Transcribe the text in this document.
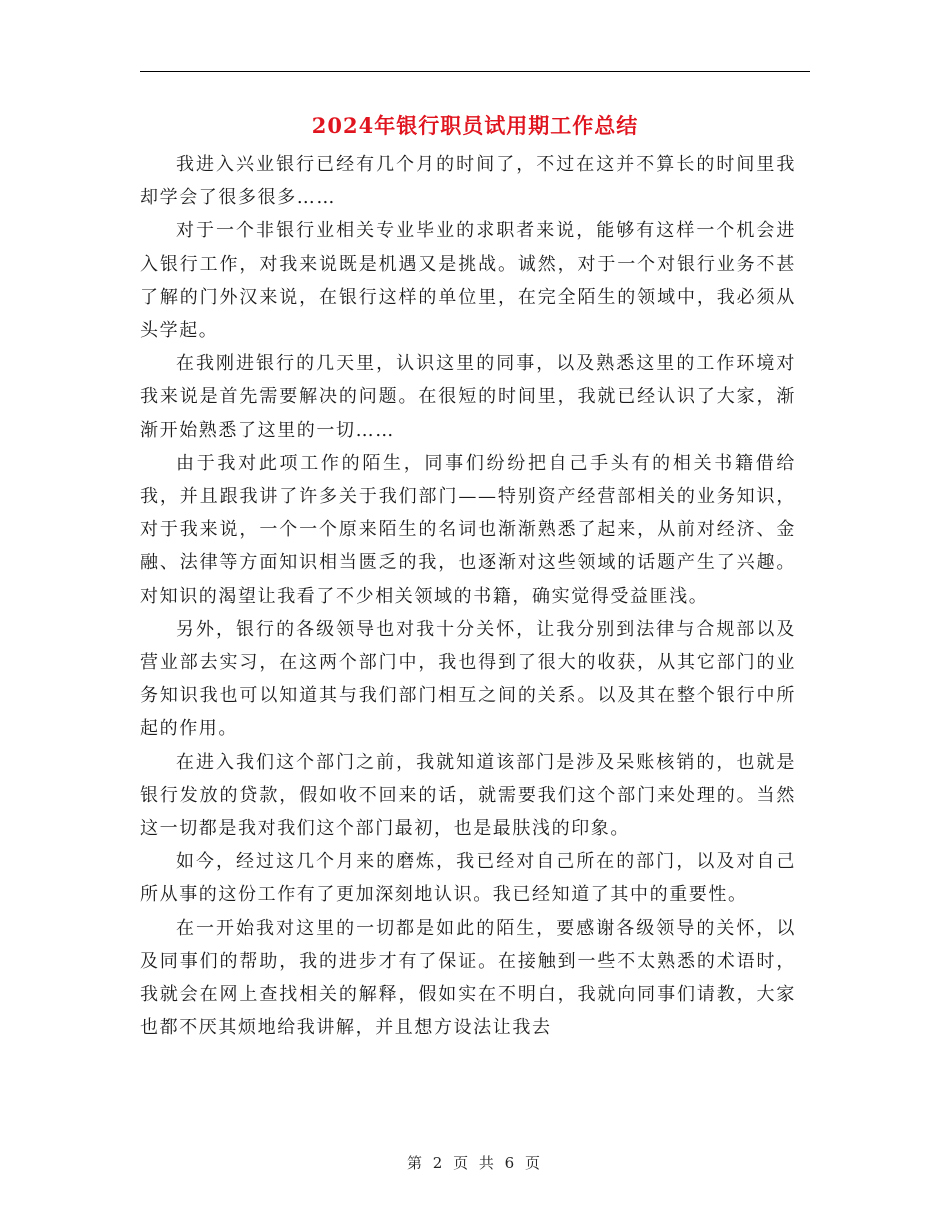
2024年银行职员试用期工作总结

我进入兴业银行已经有几个月的时间了，不过在这并不算长的时间里我却学会了很多很多……

对于一个非银行业相关专业毕业的求职者来说，能够有这样一个机会进入银行工作，对我来说既是机遇又是挑战。诚然，对于一个对银行业务不甚了解的门外汉来说，在银行这样的单位里，在完全陌生的领域中，我必须从头学起。

在我刚进银行的几天里，认识这里的同事，以及熟悉这里的工作环境对我来说是首先需要解决的问题。在很短的时间里，我就已经认识了大家，渐渐开始熟悉了这里的一切……

由于我对此项工作的陌生，同事们纷纷把自己手头有的相关书籍借给我，并且跟我讲了许多关于我们部门——特别资产经营部相关的业务知识，对于我来说，一个一个原来陌生的名词也渐渐熟悉了起来，从前对经济、金融、法律等方面知识相当匮乏的我，也逐渐对这些领域的话题产生了兴趣。对知识的渴望让我看了不少相关领域的书籍，确实觉得受益匪浅。

另外，银行的各级领导也对我十分关怀，让我分别到法律与合规部以及营业部去实习，在这两个部门中，我也得到了很大的收获，从其它部门的业务知识我也可以知道其与我们部门相互之间的关系。以及其在整个银行中所起的作用。

在进入我们这个部门之前，我就知道该部门是涉及呆账核销的，也就是银行发放的贷款，假如收不回来的话，就需要我们这个部门来处理的。当然这一切都是我对我们这个部门最初，也是最肤浅的印象。

如今，经过这几个月来的磨炼，我已经对自己所在的部门，以及对自己所从事的这份工作有了更加深刻地认识。我已经知道了其中的重要性。

在一开始我对这里的一切都是如此的陌生，要感谢各级领导的关怀，以及同事们的帮助，我的进步才有了保证。在接触到一些不太熟悉的术语时，我就会在网上查找相关的解释，假如实在不明白，我就向同事们请教，大家也都不厌其烦地给我讲解，并且想方设法让我去

第 2 页 共 6 页
